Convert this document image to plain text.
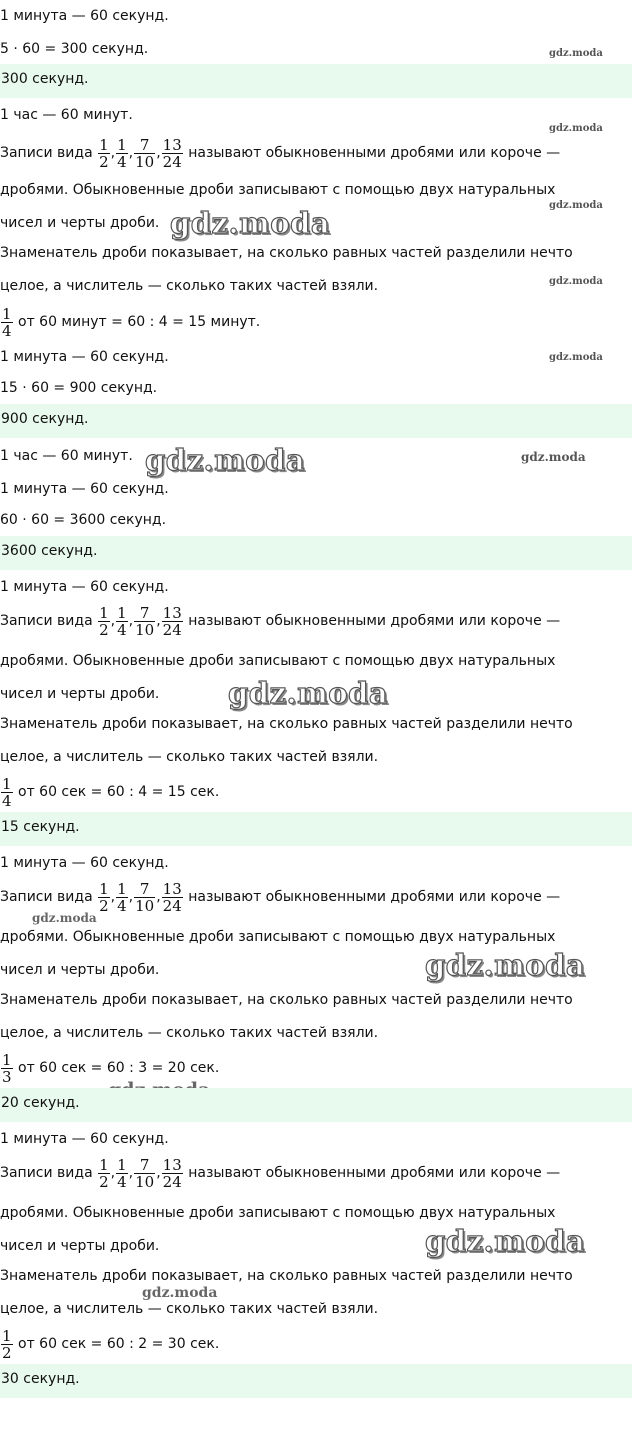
1 минута — 60 секунд.
5 · 60 = 300 секунд.	gdz.moda
300 секунд.
1 час — 60 минут.
gdz.moda
Записи вида $\frac{1}{2}$ , $\frac{1}{4}$ , $\frac{7}{10}$ , $\frac{13}{24}$ называют обыкновенными дробями или короче —
дробями. Обыкновенные дроби записывают с помощью двух натуральных
gdz.moda
чисел и черты дроби. gdz.moda
Знаменатель дроби показывает, на сколько равных частей разделили нечто
целое, а числитель — сколько таких частей взяли.	gdz.moda
$\frac{1}{4}$ от 60 минут = 60 : 4 = 15 минут.
1 минута — 60 секунд.	gdz.moda
15 · 60 = 900 секунд.
900 секунд.
1 час — 60 минут. gdz.moda	gdz.moda
1 минута — 60 секунд.
60 · 60 = 3600 секунд.
3600 секунд.
1 минута — 60 секунд.
Записи вида $\frac{1}{2}$ , $\frac{1}{4}$ , $\frac{7}{10}$ , $\frac{13}{24}$ называют обыкновенными дробями или короче —
дробями. Обыкновенные дроби записывают с помощью двух натуральных
чисел и черты дроби. gdz.moda
Знаменатель дроби показывает, на сколько равных частей разделили нечто
целое, а числитель — сколько таких частей взяли.
$\frac{1}{4}$ от 60 сек = 60 : 4 = 15 сек.
15 секунд.
1 минута — 60 секунд.
Записи вида $\frac{1}{2}$ , $\frac{1}{4}$ , $\frac{7}{10}$ , $\frac{13}{24}$ называют обыкновенными дробями или короче —
gdz.moda
дробями. Обыкновенные дроби записывают с помощью двух натуральных
чисел и черты дроби.	gdz.moda
Знаменатель дроби показывает, на сколько равных частей разделили нечто
целое, а числитель — сколько таких частей взяли.
$\frac{1}{3}$ от 60 сек = 60 : 3 = 20 сек.
20 секунд.
1 минута — 60 секунд.
Записи вида $\frac{1}{2}$ , $\frac{1}{4}$ , $\frac{7}{10}$ , $\frac{13}{24}$ называют обыкновенными дробями или короче —
дробями. Обыкновенные дроби записывают с помощью двух натуральных
чисел и черты дроби.	gdz.moda
Знаменатель дроби показывает, на сколько равных частей разделили нечто
gdz.moda
целое, а числитель — сколько таких частей взяли.
$\frac{1}{2}$ от 60 сек = 60 : 2 = 30 сек.
30 секунд.
